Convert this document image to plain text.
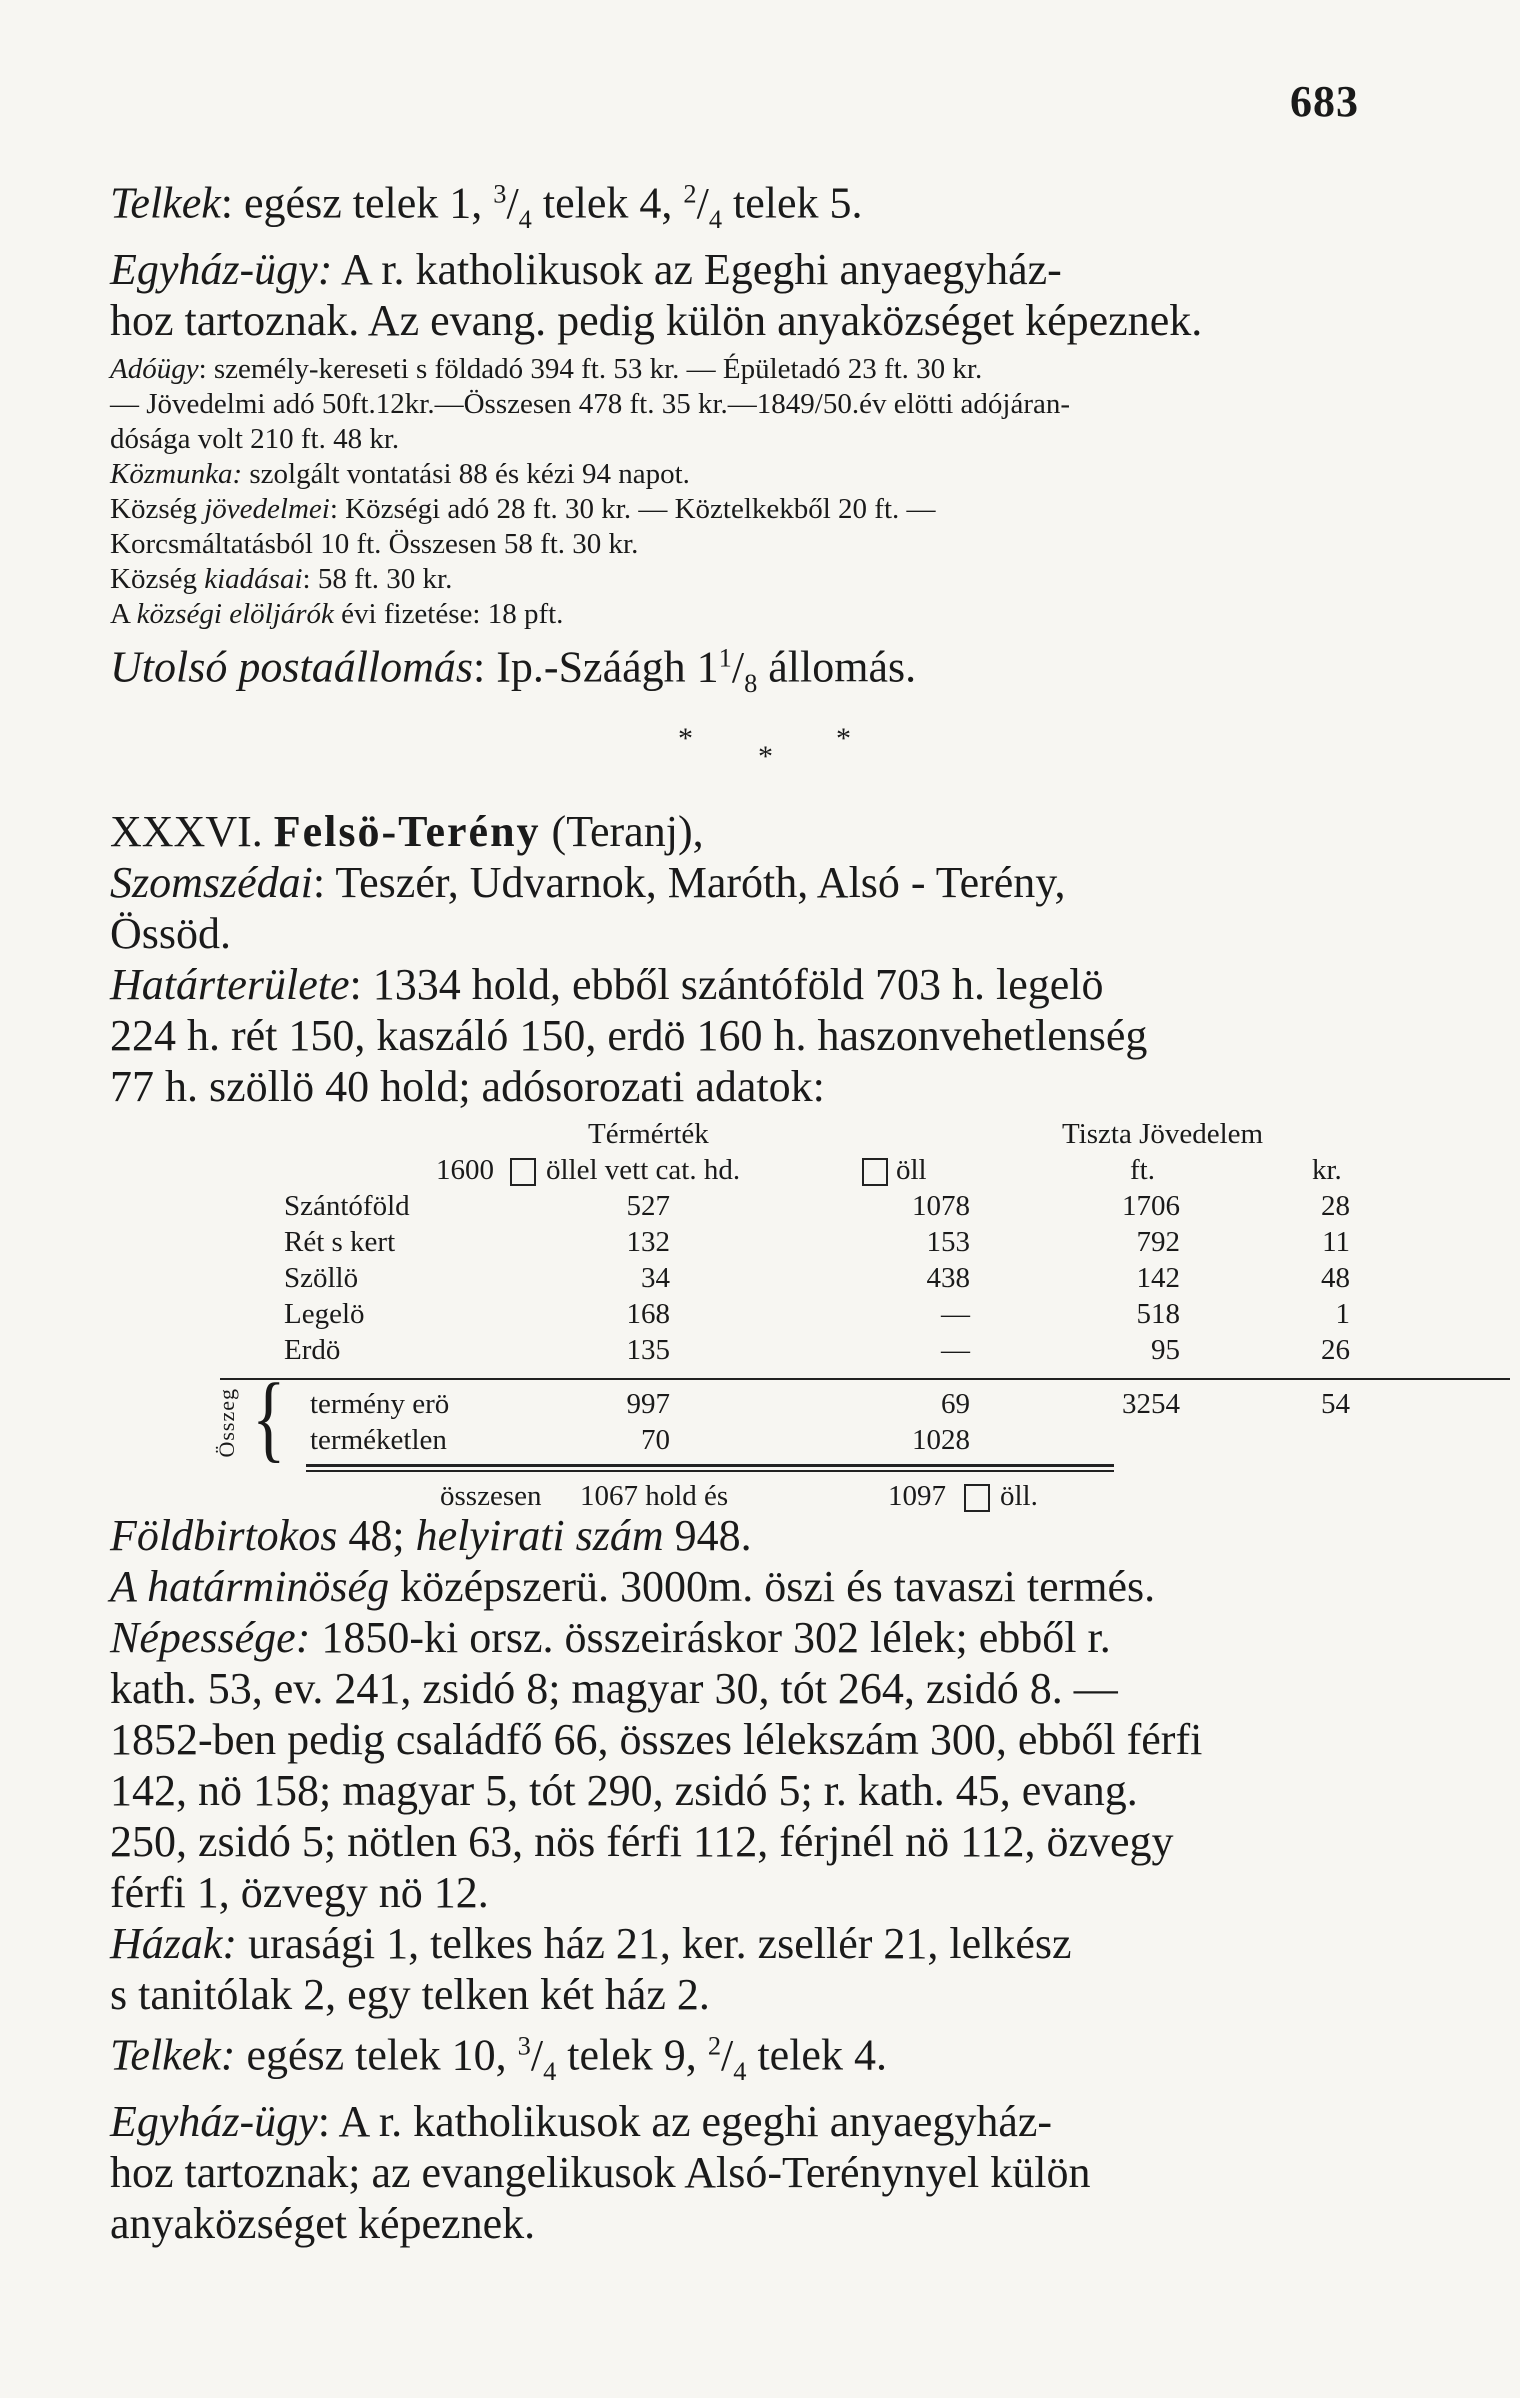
683
Telkek: egész telek 1, $^3/_4$ telek 4, $^2/_4$ telek 5.
Egyház-ügy: A r. katholikusok az Egeghi anyaegyház-
hoz tartoznak. Az evang. pedig külön anyaközséget képeznek.
Adóügy: személy-kereseti s földadó 394 ft. 53 kr. — Épületadó 23 ft. 30 kr.
— Jövedelmi adó 50ft.12kr.—Összesen 478 ft. 35 kr.—1849/50.év elötti adójáran-
dósága volt 210 ft. 48 kr.
Közmunka: szolgált vontatási 88 és kézi 94 napot.
Község jövedelmei: Községi adó 28 ft. 30 kr. — Köztelkekből 20 ft. —
Korcsmáltatásból 10 ft. Összesen 58 ft. 30 kr.
Község kiadásai: 58 ft. 30 kr.
A községi elöljárók évi fizetése: 18 pft.
Utolsó postaállomás: Ip.-Száágh $1^1/_8$ állomás.
*
*
*
XXXVI. Felsö-Terény (Teranj),
Szomszédai: Teszér, Udvarnok, Maróth, Alsó - Terény,
Össöd.
Határterülete: 1334 hold, ebből szántóföld 703 h. legelö
224 h. rét 150, kaszáló 150, erdö 160 h. haszonvehetlenség
77 h. szöllö 40 hold; adósorozati adatok:
Térmérték	Tiszta Jövedelem
1600 öllel vett cat. hd.	öll	ft.	kr.
Szántóföld	527	1078	1706	28
Rét s kert	132	153	792	11
Szöllö	34	438	142	48
Legelö	168	—	518	1
Erdö	135	—	95	26
Összeg { termény erö	997	69	3254	54
terméketlen	70	1028
összesen 1067 hold és	1097 öll.
Földbirtokos 48; helyirati szám 948.
A határminöség középszerü. 3000m. öszi és tavaszi termés.
Népessége: 1850-ki orsz. összeiráskor 302 lélek; ebből r.
kath. 53, ev. 241, zsidó 8; magyar 30, tót 264, zsidó 8. —
1852-ben pedig családfő 66, összes lélekszám 300, ebből férfi
142, nö 158; magyar 5, tót 290, zsidó 5; r. kath. 45, evang.
250, zsidó 5; nötlen 63, nös férfi 112, férjnél nö 112, özvegy
férfi 1, özvegy nö 12.
Házak: urasági 1, telkes ház 21, ker. zsellér 21, lelkész
s tanitólak 2, egy telken két ház 2.
Telkek: egész telek 10, $^3/_4$ telek 9, $^2/_4$ telek 4.
Egyház-ügy: A r. katholikusok az egeghi anyaegyház-
hoz tartoznak; az evangelikusok Alsó-Terénynyel külön
anyaközséget képeznek.
